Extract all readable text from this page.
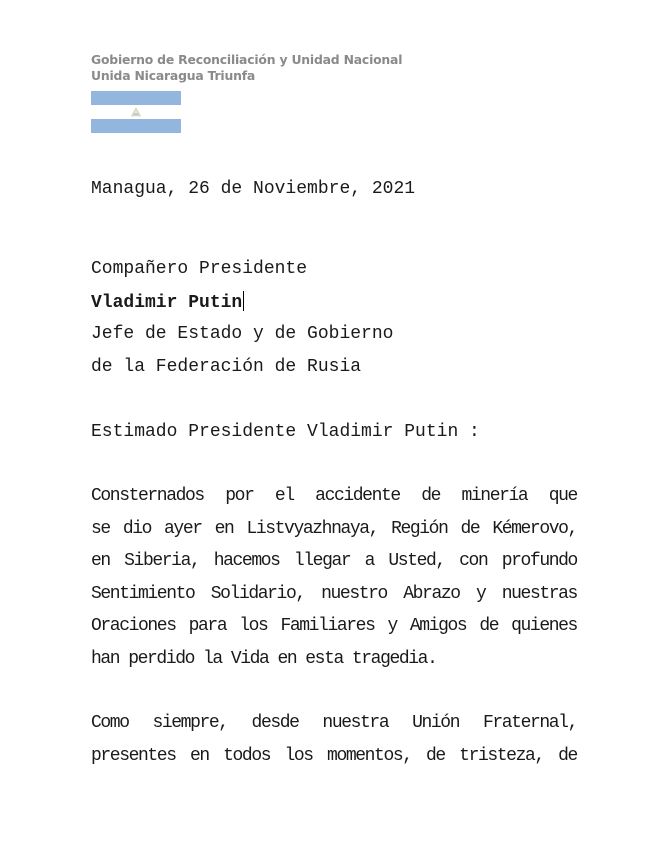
Gobierno de Reconciliación y Unidad Nacional
Unida Nicaragua Triunfa
Managua, 26 de Noviembre, 2021
Compañero Presidente
Vladimir Putin
Jefe de Estado y de Gobierno
de la Federación de Rusia
Estimado Presidente Vladimir Putin :
Consternados por el accidente de minería que
se dio ayer en Listvyazhnaya, Región de Kémerovo,
en Siberia, hacemos llegar a Usted, con profundo
Sentimiento Solidario, nuestro Abrazo y nuestras
Oraciones para los Familiares y Amigos de quienes
han perdido la Vida en esta tragedia.
Como siempre, desde nuestra Unión Fraternal,
presentes en todos los momentos, de tristeza, de
